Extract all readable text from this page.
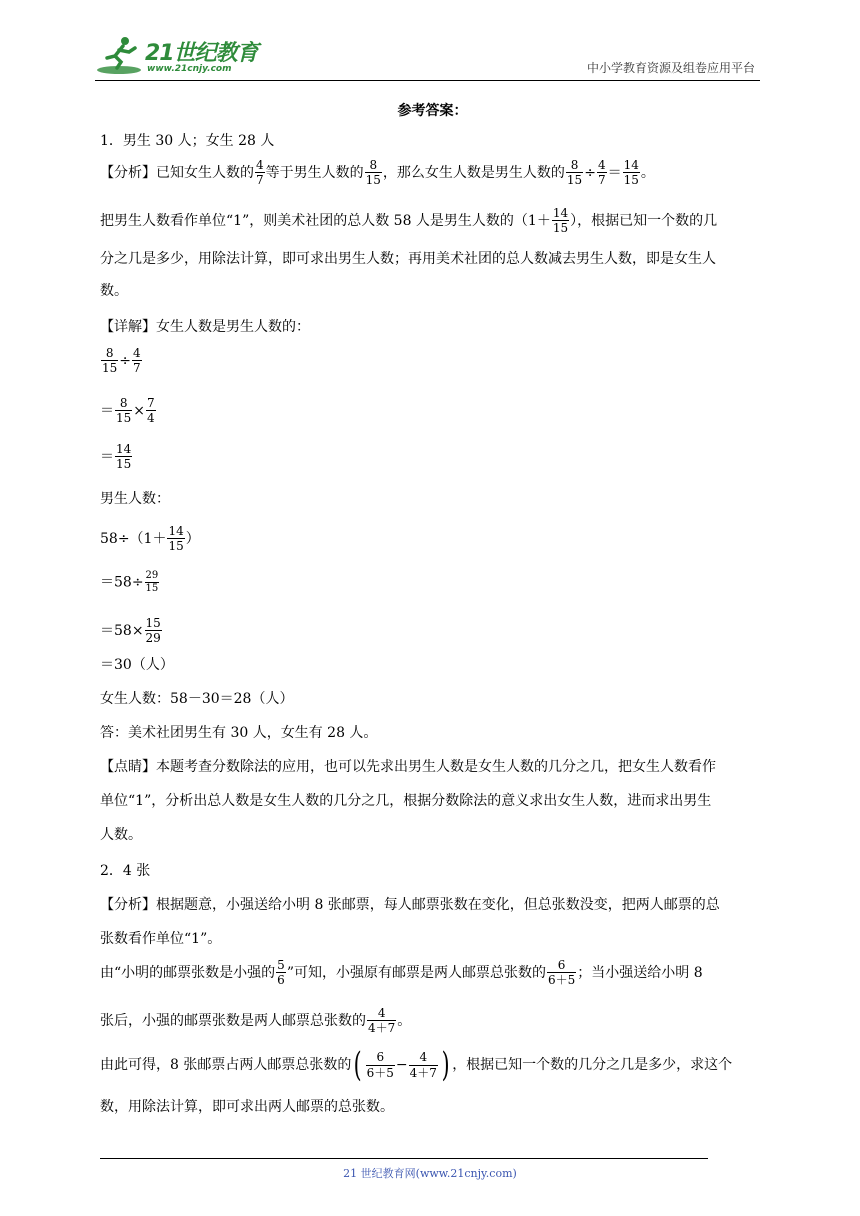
21世纪教育
www.21cnjy.com	中小学教育资源及组卷应用平台
参考答案：
1．男生 30 人；女生 28 人
【分析】已知女生人数的 $\frac{4}{7}$ 等于男生人数的 $\frac{8}{15}$ ，那么女生人数是男生人数的 $\frac{8}{15} \div \frac{4}{7} = \frac{14}{15}$ 。
把男生人数看作单位“1”，则美术社团的总人数 58 人是男生人数的（$1+ \frac{14}{15}$ ），根据已知一个数的几
分之几是多少，用除法计算，即可求出男生人数；再用美术社团的总人数减去男生人数，即是女生人
数。
【详解】女生人数是男生人数的：
$\frac{8}{15} \div \frac{4}{7}$
＝ $\frac{8}{15} \times \frac{7}{4}$
＝ $\frac{14}{15}$
男生人数：
$58\div(1+ \frac{14}{15}$ ）
$=58\div \frac{29}{15}$
$=58\times \frac{15}{29}$
＝30（人）
女生人数：58－30＝28（人）
答：美术社团男生有 30 人，女生有 28 人。
【点睛】本题考查分数除法的应用，也可以先求出男生人数是女生人数的几分之几，把女生人数看作
单位“1”，分析出总人数是女生人数的几分之几，根据分数除法的意义求出女生人数，进而求出男生
人数。
2．4 张
【分析】根据题意，小强送给小明 8 张邮票，每人邮票张数在变化，但总张数没变，把两人邮票的总
张数看作单位“1”。
由“小明的邮票张数是小强的 $\frac{5}{6}$ ”可知，小强原有邮票是两人邮票总张数的 $\frac{6}{6+5}$ ；当小强送给小明 8
张后，小强的邮票张数是两人邮票总张数的 $\frac{4}{4+7}$ 。
由此可得，8 张邮票占两人邮票总张数的( $\frac{6}{6+5} - \frac{4}{4+7}$ ) ，根据已知一个数的几分之几是多少，求这个
数，用除法计算，即可求出两人邮票的总张数。
21 世纪教育网(www.21cnjy.com)
